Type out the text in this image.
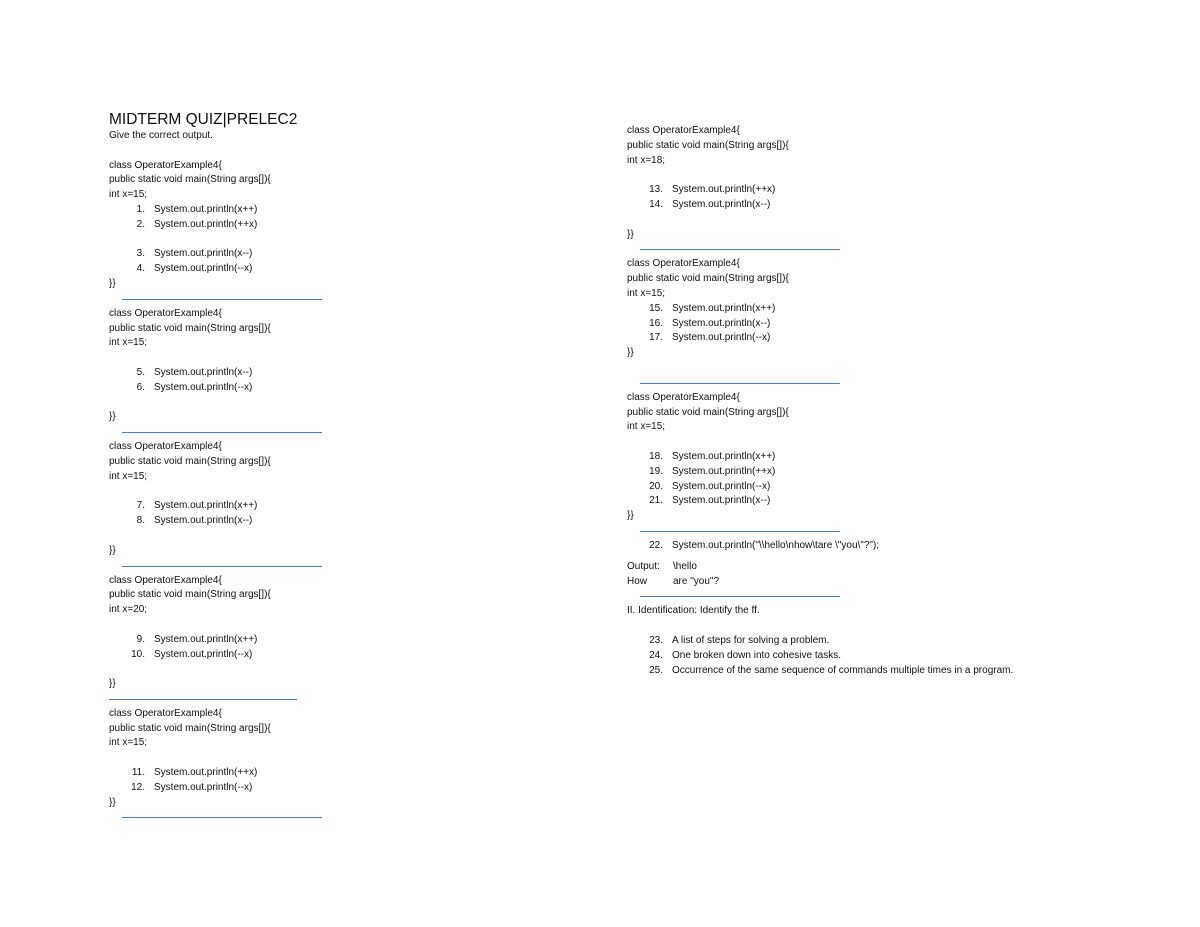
MIDTERM QUIZ|PRELEC2
Give the correct output.
class OperatorExample4{
public static void main(String args[]){
int x=15;
1. System.out.println(x++)
2. System.out.println(++x)
3. System.out.println(x--)
4. System.out.println(--x)
}}
class OperatorExample4{
public static void main(String args[]){
int x=15;
5. System.out.println(x--)
6. System.out.println(--x)
}}
class OperatorExample4{
public static void main(String args[]){
int x=15;
7. System.out.println(x++)
8. System.out.println(x--)
}}
class OperatorExample4{
public static void main(String args[]){
int x=20;
9. System.out.println(x++)
10. System.out.println(--x)
}}
class OperatorExample4{
public static void main(String args[]){
int x=15;
11. System.out.println(++x)
12. System.out.println(--x)
}}
class OperatorExample4{
public static void main(String args[]){
int x=18;
13. System.out.println(++x)
14. System.out.println(x--)
}}
class OperatorExample4{
public static void main(String args[]){
int x=15;
15. System.out.println(x++)
16. System.out.println(x--)
17. System.out.println(--x)
}}
class OperatorExample4{
public static void main(String args[]){
int x=15;
18. System.out.println(x++)
19. System.out.println(++x)
20. System.out.println(--x)
21. System.out.println(x--)
}}
22. System.out.println("\\hello\nhow\tare \"you\"?");
Output:	\hello
How	are "you"?
II. Identification: Identify the ff.
23. A list of steps for solving a problem.
24. One broken down into cohesive tasks.
25. Occurrence of the same sequence of commands multiple times in a program.
